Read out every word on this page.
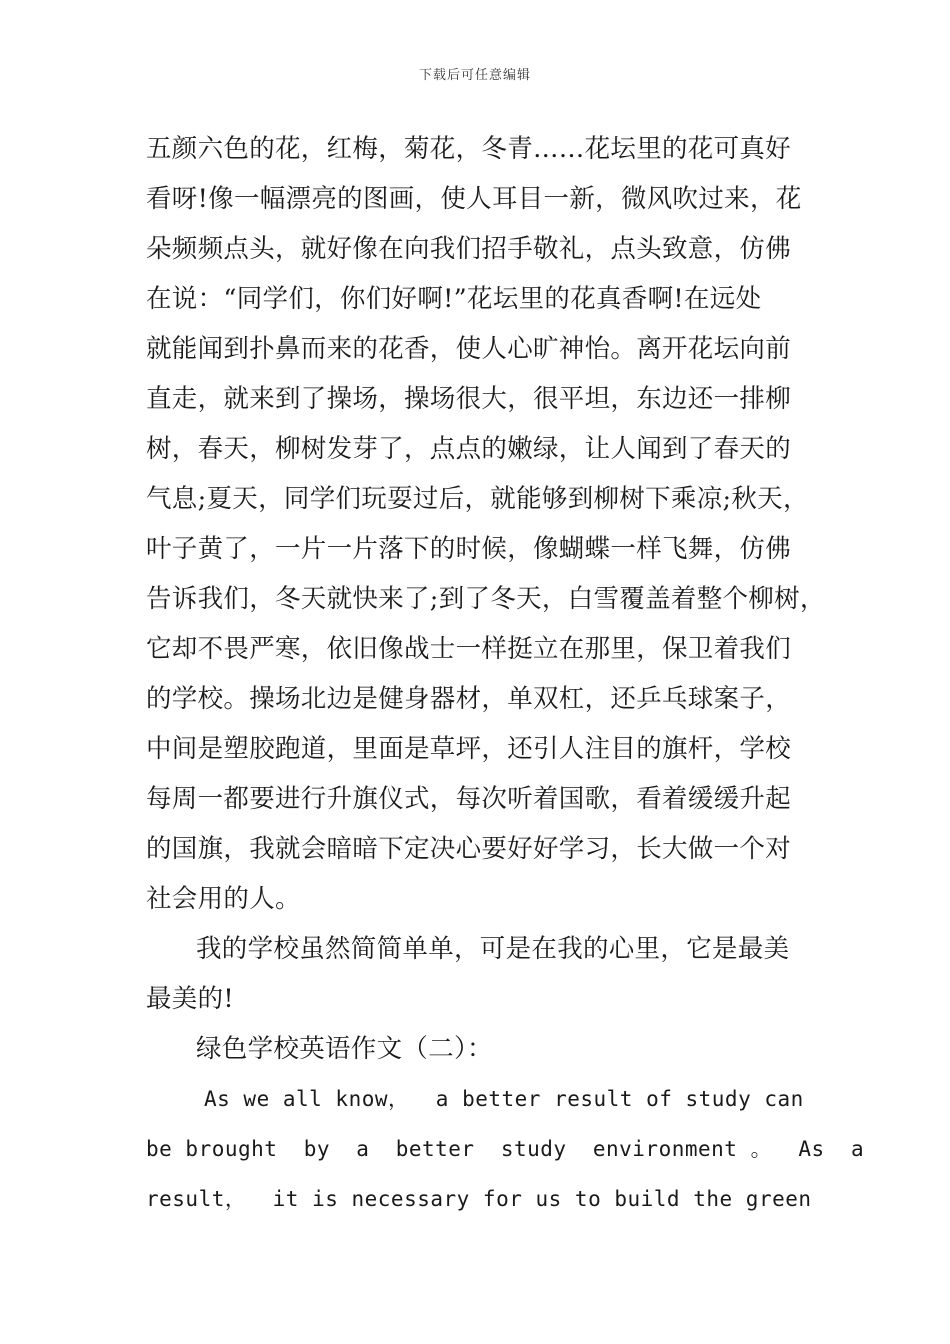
下载后可任意编辑
五颜六色的花，红梅，菊花，冬青……花坛里的花可真好
看呀!像一幅漂亮的图画，使人耳目一新，微风吹过来，花
朵频频点头，就好像在向我们招手敬礼，点头致意，仿佛
在说：“同学们，你们好啊!”花坛里的花真香啊!在远处
就能闻到扑鼻而来的花香，使人心旷神怡。离开花坛向前
直走，就来到了操场，操场很大，很平坦，东边还一排柳
树，春天，柳树发芽了，点点的嫩绿，让人闻到了春天的
气息;夏天，同学们玩耍过后，就能够到柳树下乘凉;秋天，
叶子黄了，一片一片落下的时候，像蝴蝶一样飞舞，仿佛
告诉我们，冬天就快来了;到了冬天，白雪覆盖着整个柳树，
它却不畏严寒，依旧像战士一样挺立在那里，保卫着我们
的学校。操场北边是健身器材，单双杠，还乒乓球案子，
中间是塑胶跑道，里面是草坪，还引人注目的旗杆，学校
每周一都要进行升旗仪式，每次听着国歌，看着缓缓升起
的国旗，我就会暗暗下定决心要好好学习，长大做一个对
社会用的人。
我的学校虽然简简单单，可是在我的心里，它是最美
最美的!
绿色学校英语作文（二）：
As we all know，  a better result of study can
be brought  by  a  better  study  environment 。  As  a
result，  it is necessary for us to build the green
